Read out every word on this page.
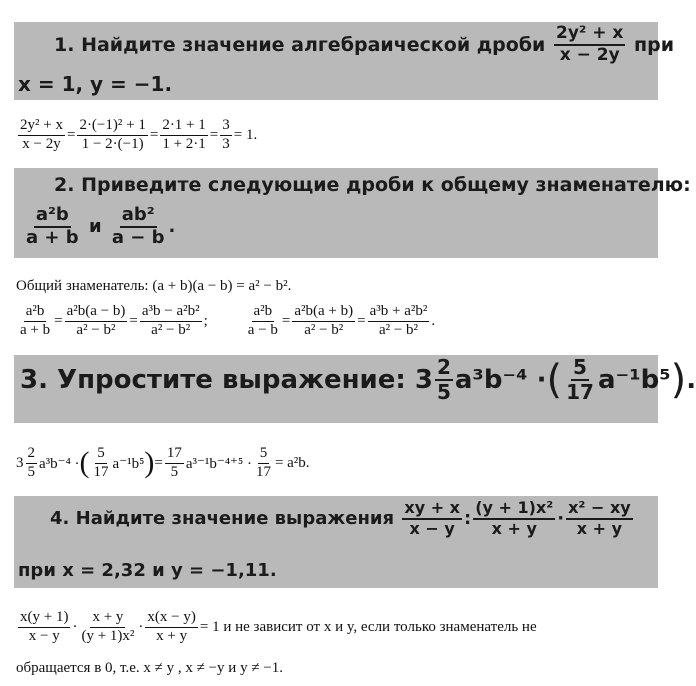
1.
Найдите значение алгебраической дроби
$\frac{\text{2y² + x}}{x - 2y}$
при
x = 1, y = −1.
$\frac{\text{2y² + x}}{x - 2y} = \frac{\text{2·(−1)² + 1}}{1 - 2\cdot(-1)} = \frac{2\cdot 1 + 1}{1 + 2\cdot 1} = \frac{3}{3} = 1$.
2.
Приведите следующие дроби к общему знаменателю:
$\frac{\text{a²b}}{a + b}$
и
$\frac{\text{ab²}}{a - b}$ .
Общий знаменатель: (a + b)(a − b) = a² − b².
$\frac{\text{a²b}}{a + b} = \frac{\text{a²b(a − b)}}{\text{a² − b²}} = \frac{\text{a³b − a²b²}}{\text{a² − b²}}$ ;	$\frac{\text{a²b}}{a - b} = \frac{\text{a²b(a + b)}}{\text{a² − b²}} = \frac{\text{a³b + a²b²}}{\text{a² − b²}}$ .
3.
Упростите выражение:
$3 \frac{2}{5} a^3b^{-4}$ · ( $\frac{5}{17} a^{-1}b^5$ ) .
$3 \frac{2}{5} a^3b^{-4}$ · ( $\frac{5}{17} a^{-1}b^5$ ) = $\frac{17}{5} a^{3-1}b^{-4+5} \cdot \frac{5}{17} = a^2b$.
4.
Найдите значение выражения
$\frac{xy + x}{x - y}$ : $\frac{\text{(y + 1)x²}}{x + y} \cdot \frac{\text{x² − xy}}{x + y}$
при x = 2,32 и y = −1,11.
$\frac{x(y + 1)}{x - y} \cdot \frac{x + y}{\text{(y + 1)x²}} \cdot \frac{x(x - y)}{x + y} = 1$ и не зависит от x и y, если только знаменатель не
обращается в 0, т.е. x ≠ y , x ≠ −y и y ≠ −1.
